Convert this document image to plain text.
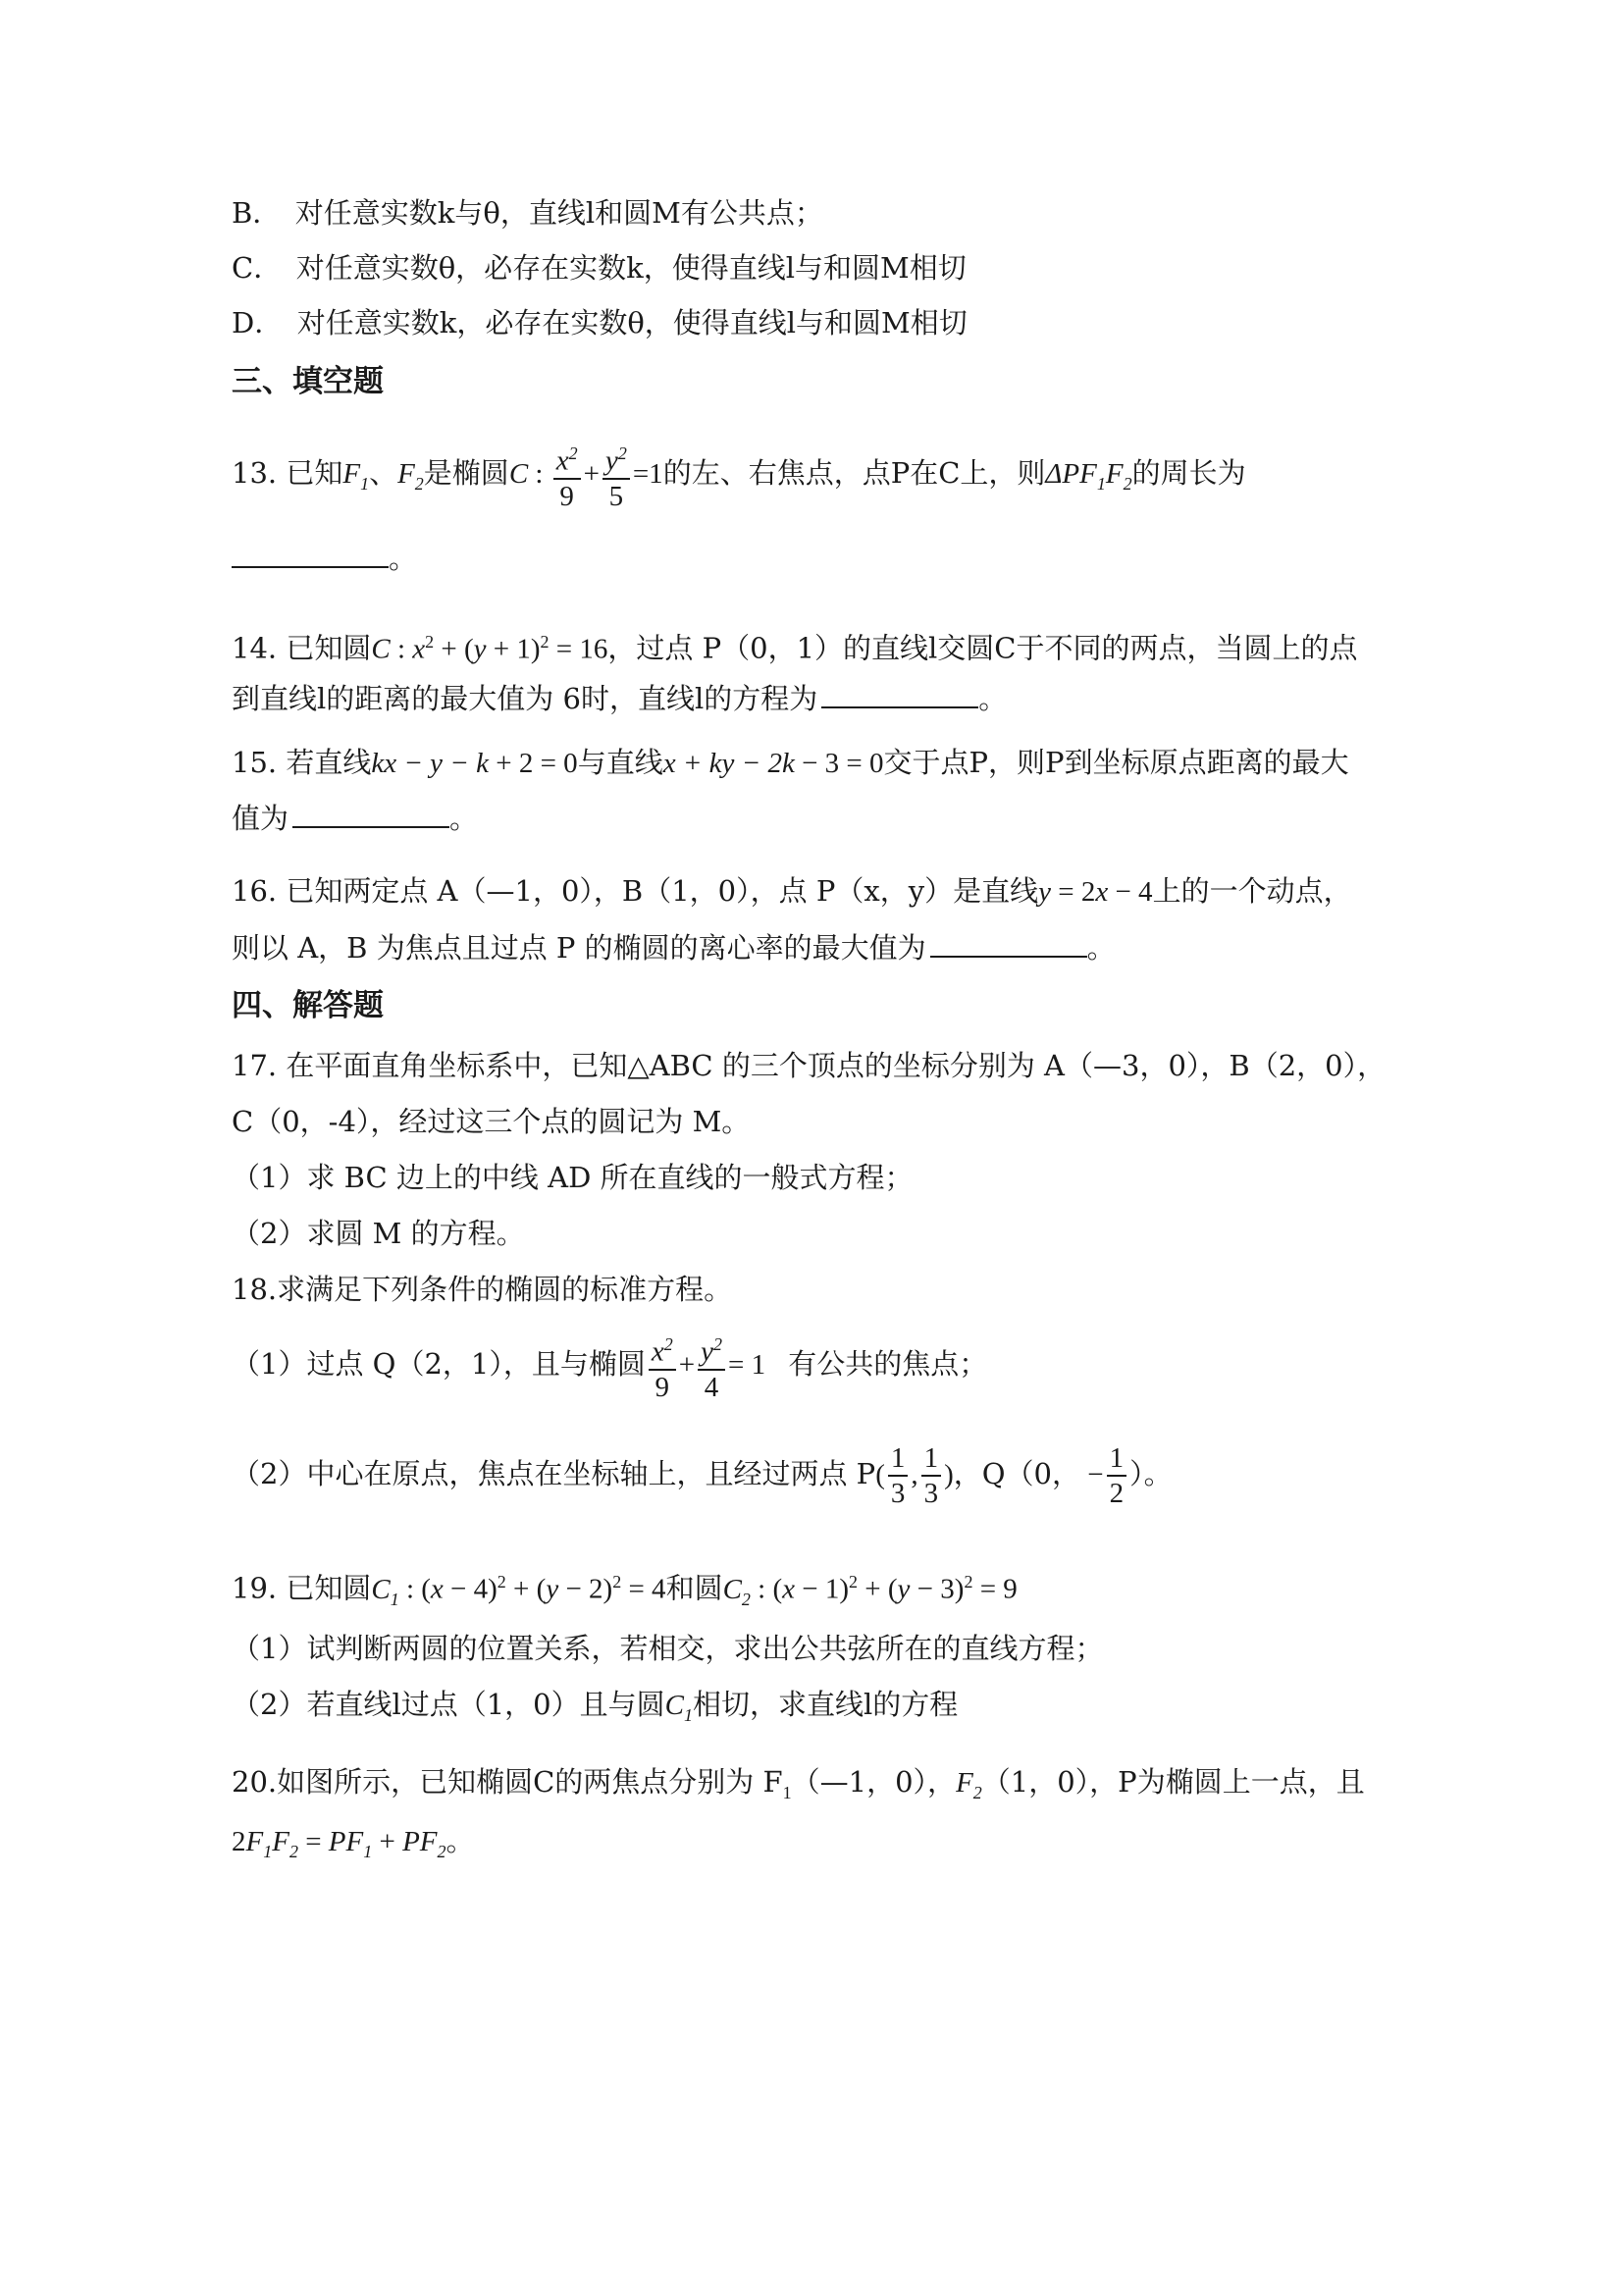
B．　对任意实数k与θ，直线l和圆M有公共点；
C．　对任意实数θ，必存在实数k，使得直线l与和圆M相切
D．　对任意实数k，必存在实数θ，使得直线l与和圆M相切
三、填空题
13. 已知$F_1$、$F_2$是椭圆C : $\frac{x^2}{9} + \frac{y^2}{5} =1$的左、右焦点，点P在C上，则$\Delta PF_1F_2$的周长为
。
14. 已知圆C : $x^2 + (y + 1)^2 = 16$，过点 P（0，1）的直线l交圆C于不同的两点，当圆上的点
到直线l的距离的最大值为 6时，直线l的方程为	。
15. 若直线kx − y − k + 2 = 0与直线x + ky − 2k − 3 = 0交于点P，则P到坐标原点距离的最大
值为	。
16. 已知两定点 A（—1，0），B（1，0），点 P（x，y）是直线y = 2x − 4上的一个动点，
则以 A，B 为焦点且过点 P 的椭圆的离心率的最大值为	。
四、解答题
17. 在平面直角坐标系中，已知△ABC 的三个顶点的坐标分别为 A（—3，0），B（2，0），
C（0，-4），经过这三个点的圆记为 M。
（1）求 BC 边上的中线 AD 所在直线的一般式方程；
（2）求圆 M 的方程。
18.求满足下列条件的椭圆的标准方程。
（1）过点 Q（2，1），且与椭圆 $\frac{x^2}{9} + \frac{y^2}{4} = 1$ 有公共的焦点；
（2）中心在原点，焦点在坐标轴上，且经过两点 $P( \frac{1}{3}$ , $\frac{1}{3}$ )，Q（0， − $\frac{1}{2}$ ）。
19. 已知圆$C_1$ : $(x - 4)^2 + (y - 2)^2 = 4$和圆$C_2$ : $(x - 1)^2 + (y - 3)^2 = 9$
（1）试判断两圆的位置关系，若相交，求出公共弦所在的直线方程；
（2）若直线l过点（1，0）且与圆$C_1$相切，求直线l的方程
20.如图所示，已知椭圆C的两焦点分别为 $F_1(—1$，0），$F_2(1$，0），P为椭圆上一点，且
$2F_1F_2 = PF_1 + PF_2$。
